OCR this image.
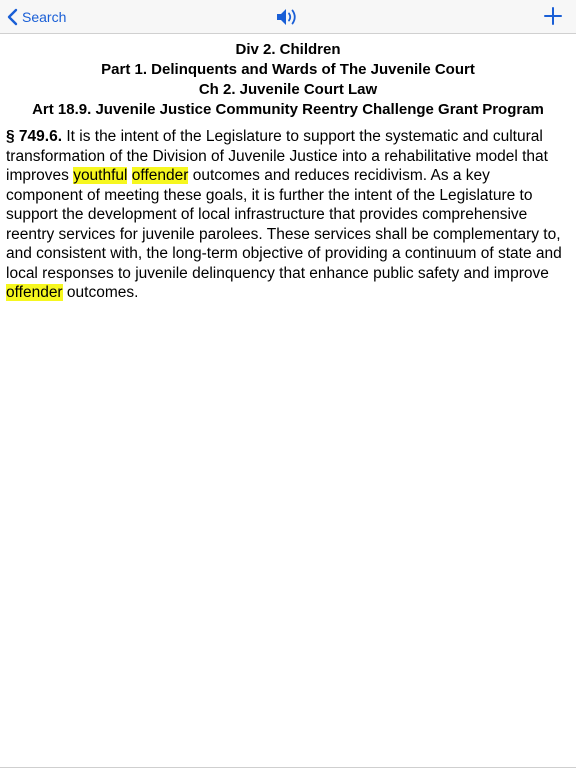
Search
Div 2. Children
Part 1. Delinquents and Wards of The Juvenile Court
Ch 2. Juvenile Court Law
Art 18.9. Juvenile Justice Community Reentry Challenge Grant Program
§ 749.6. It is the intent of the Legislature to support the systematic and cultural transformation of the Division of Juvenile Justice into a rehabilitative model that improves youthful offender outcomes and reduces recidivism. As a key component of meeting these goals, it is further the intent of the Legislature to support the development of local infrastructure that provides comprehensive reentry services for juvenile parolees. These services shall be complementary to, and consistent with, the long-term objective of providing a continuum of state and local responses to juvenile delinquency that enhance public safety and improve offender outcomes.
